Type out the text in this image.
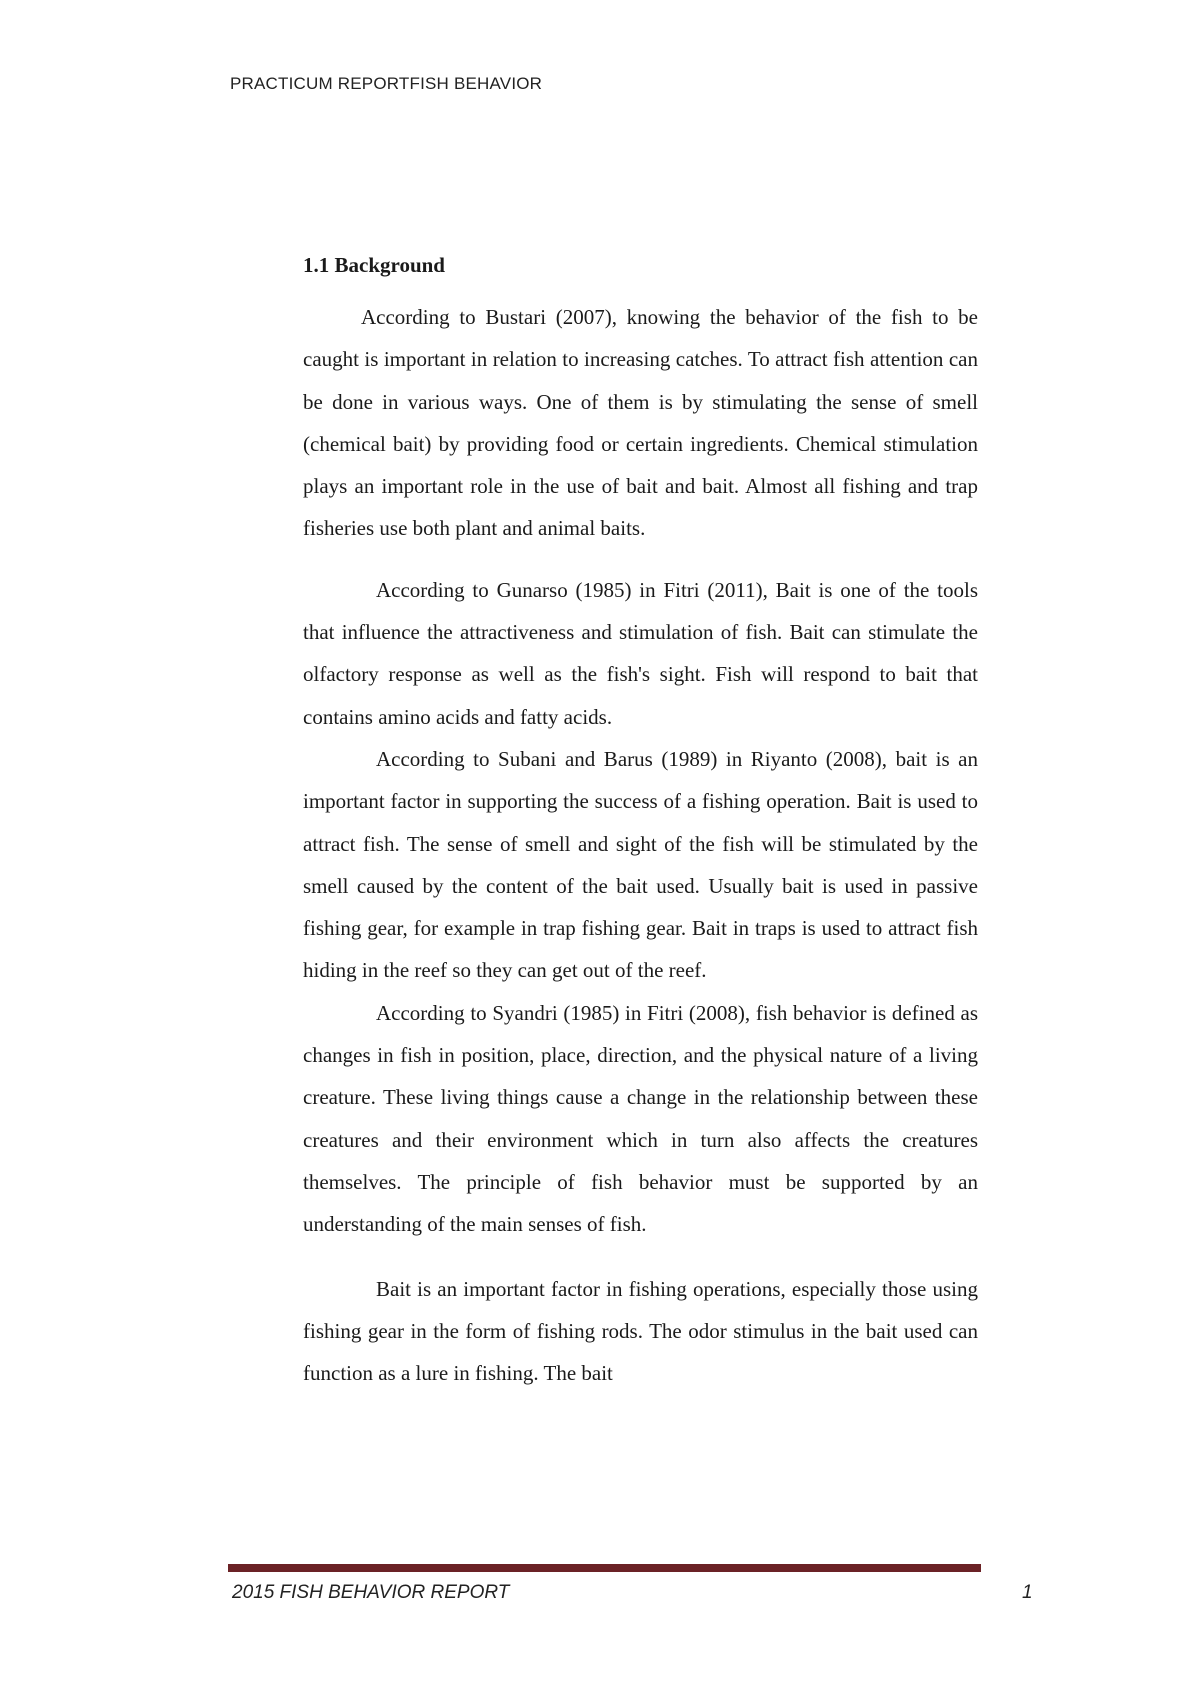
PRACTICUM REPORTFISH BEHAVIOR
1.1 Background

According to Bustari (2007), knowing the behavior of the fish to be caught is important in relation to increasing catches. To attract fish attention can be done in various ways. One of them is by stimulating the sense of smell (chemical bait) by providing food or certain ingredients. Chemical stimulation plays an important role in the use of bait and bait. Almost all fishing and trap fisheries use both plant and animal baits.

According to Gunarso (1985) in Fitri (2011), Bait is one of the tools that influence the attractiveness and stimulation of fish. Bait can stimulate the olfactory response as well as the fish's sight. Fish will respond to bait that contains amino acids and fatty acids.

According to Subani and Barus (1989) in Riyanto (2008), bait is an important factor in supporting the success of a fishing operation. Bait is used to attract fish. The sense of smell and sight of the fish will be stimulated by the smell caused by the content of the bait used. Usually bait is used in passive fishing gear, for example in trap fishing gear. Bait in traps is used to attract fish hiding in the reef so they can get out of the reef.

According to Syandri (1985) in Fitri (2008), fish behavior is defined as changes in fish in position, place, direction, and the physical nature of a living creature. These living things cause a change in the relationship between these creatures and their environment which in turn also affects the creatures themselves. The principle of fish behavior must be supported by an understanding of the main senses of fish.

Bait is an important factor in fishing operations, especially those using fishing gear in the form of fishing rods. The odor stimulus in the bait used can function as a lure in fishing. The bait

2015 FISH BEHAVIOR REPORT	1
